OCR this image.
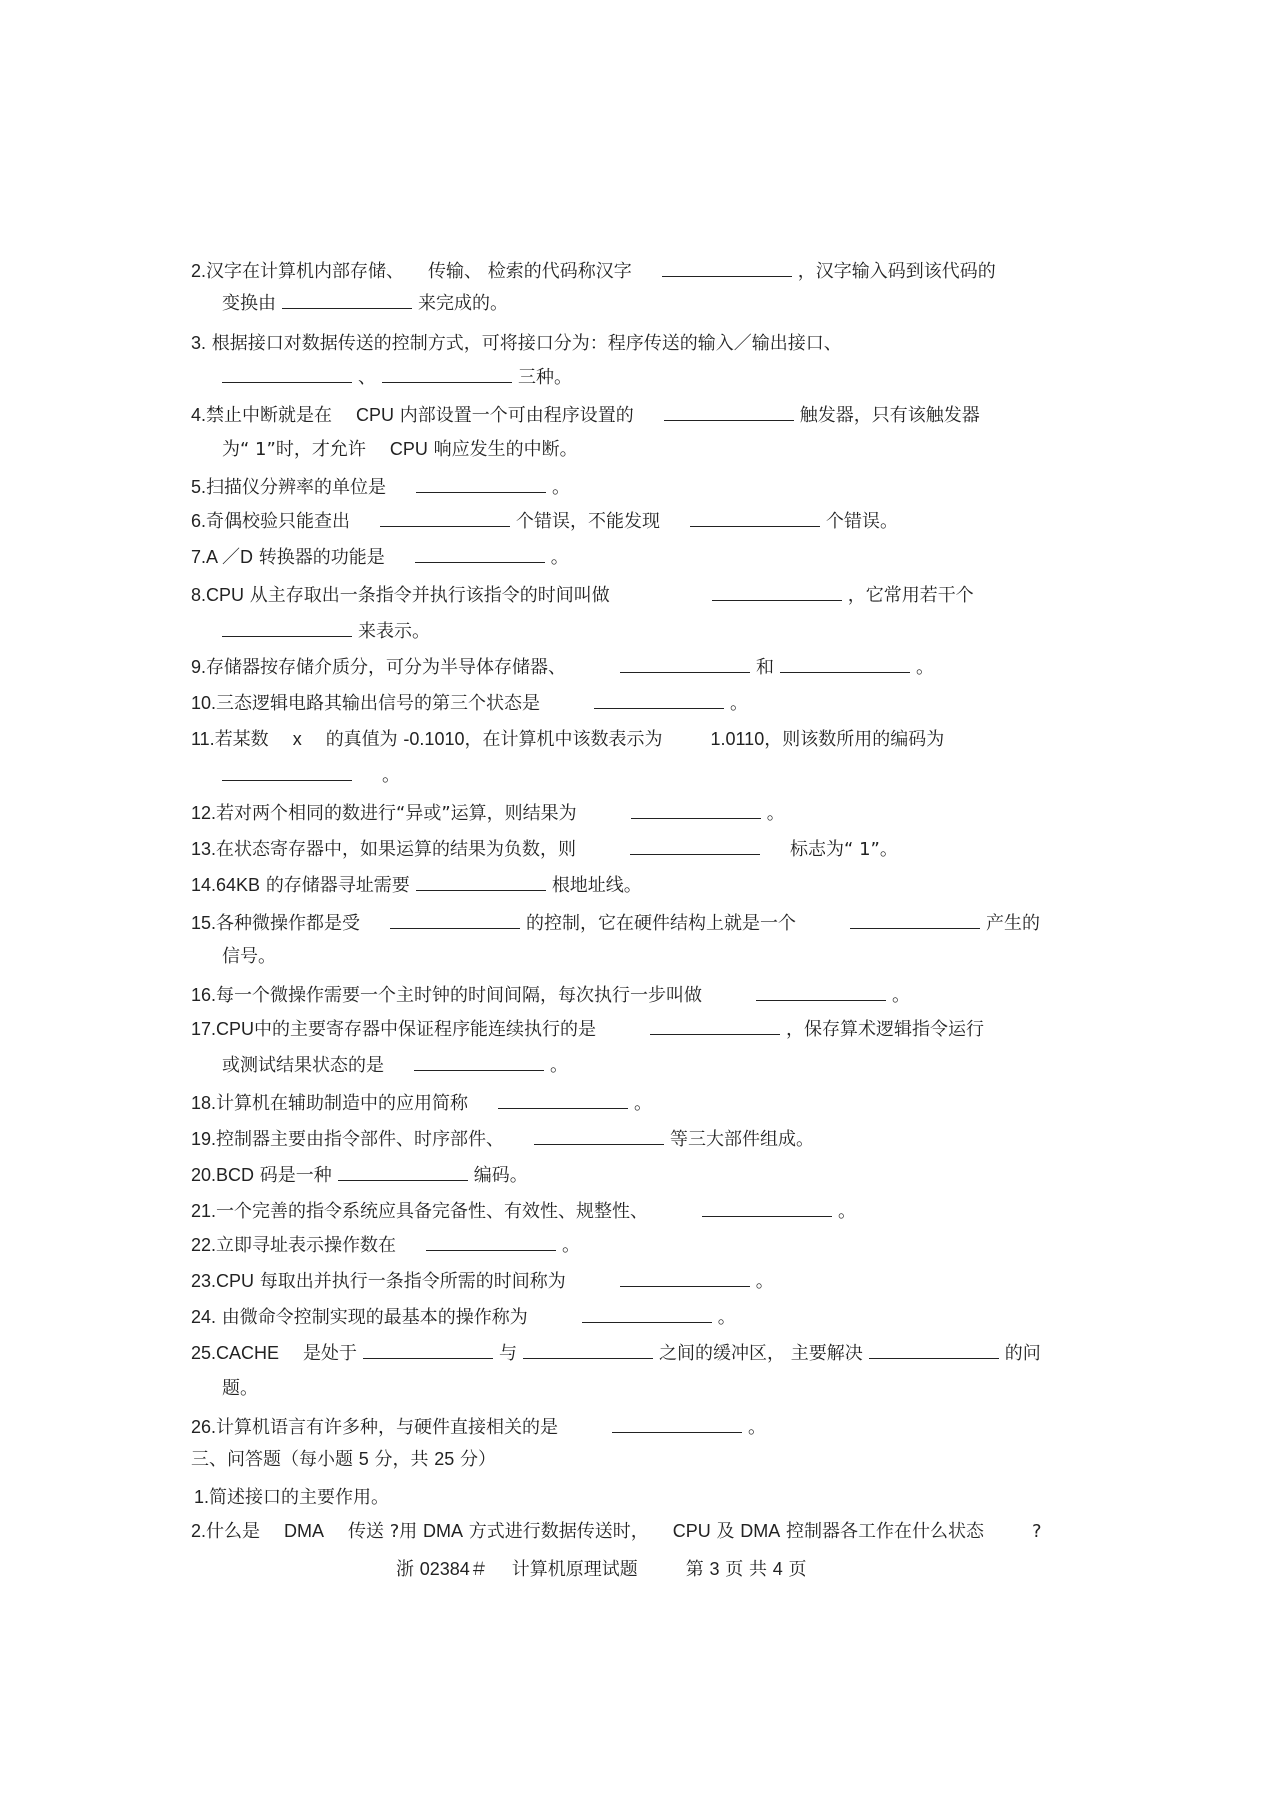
2.汉字在计算机内部存储、 传输、 检索的代码称汉字	，汉字输入码到该代码的
变换由	来完成的。
3. 根据接口对数据传送的控制方式，可将接口分为：程序传送的输入／输出接口、
、	三种。
4.禁止中断就是在 CPU 内部设置一个可由程序设置的	触发器，只有该触发器
为“ 1”时，才允许 CPU 响应发生的中断。
5.扫描仪分辨率的单位是	。
6.奇偶校验只能查出	个错误，不能发现	个错误。
7.A ／D 转换器的功能是	。
8.CPU 从主存取出一条指令并执行该指令的时间叫做	，它常用若干个
来表示。
9.存储器按存储介质分，可分为半导体存储器、	和	。
10.三态逻辑电路其输出信号的第三个状态是	。
11.若某数 x 的真值为 -0.1010，在计算机中该数表示为	1.0110，则该数所用的编码为
。
12.若对两个相同的数进行“异或”运算，则结果为	。
13.在状态寄存器中，如果运算的结果为负数，则	标志为“ 1”。
14.64KB 的存储器寻址需要	根地址线。
15.各种微操作都是受	的控制，它在硬件结构上就是一个	产生的
信号。
16.每一个微操作需要一个主时钟的时间间隔，每次执行一步叫做	。
17.CPU中的主要寄存器中保证程序能连续执行的是	，保存算术逻辑指令运行
或测试结果状态的是	。
18.计算机在辅助制造中的应用简称	。
19.控制器主要由指令部件、时序部件、	等三大部件组成。
20.BCD 码是一种	编码。
21.一个完善的指令系统应具备完备性、有效性、规整性、	。
22.立即寻址表示操作数在	。
23.CPU 每取出并执行一条指令所需的时间称为	。
24. 由微命令控制实现的最基本的操作称为	。
25.CACHE 是处于	与	之间的缓冲区， 主要解决	的问
题。
26.计算机语言有许多种，与硬件直接相关的是	。
三、问答题（每小题 5 分，共 25 分）
1.简述接口的主要作用。
2.什么是 DMA 传送 ?用 DMA 方式进行数据传送时， CPU 及 DMA 控制器各工作在什么状态	?
浙 02384＃ 计算机原理试题	第 3 页 共 4 页
